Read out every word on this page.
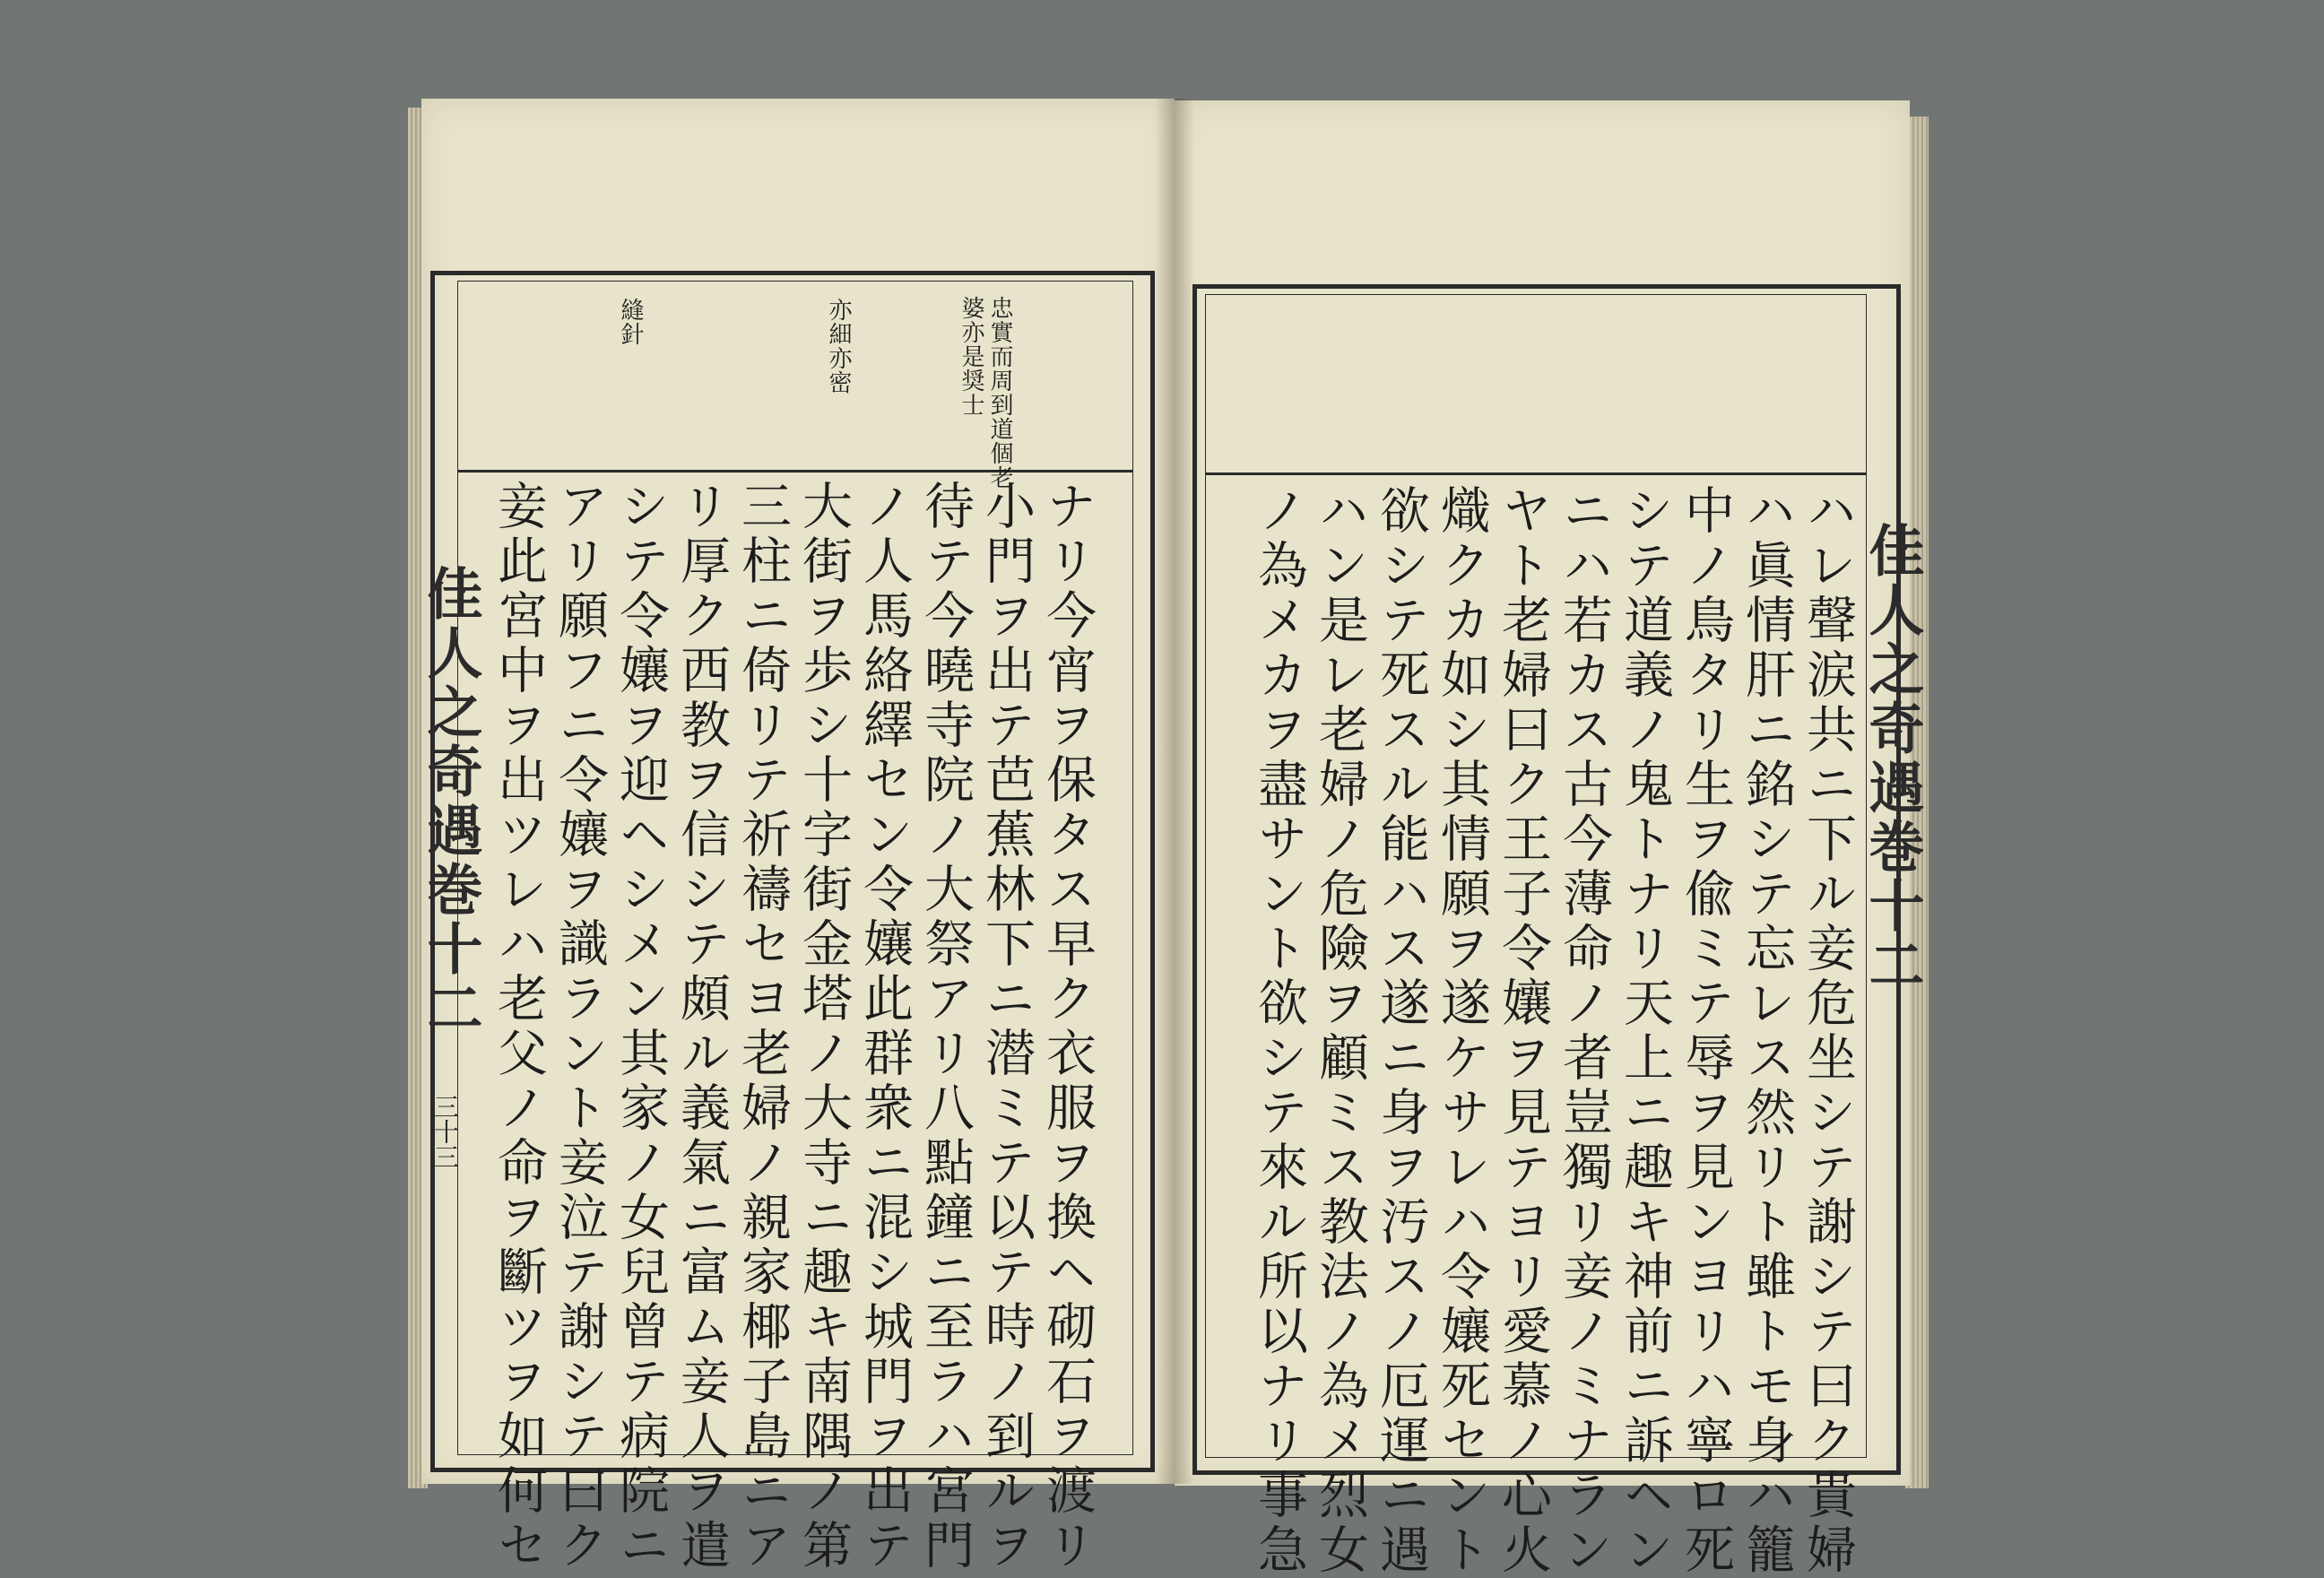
忠實而周到道個老
婆亦是奨士
亦細亦密
縫針
ナリ今宵ヲ保タス早ク衣服ヲ換ヘ砌石ヲ渡リ
小門ヲ出テ芭蕉林下ニ潜ミテ以テ時ノ到ルヲ
待テ今曉寺院ノ大祭アリ八點鐘ニ至ラハ宮門
ノ人馬絡繹セン令孃此群衆ニ混シ城門ヲ出テ
大街ヲ歩シ十字街金塔ノ大寺ニ趣キ南隅ノ第
三柱ニ倚リテ祈禱セヨ老婦ノ親家椰子島ニア
リ厚ク西教ヲ信シテ頗ル義氣ニ富ム妾人ヲ遣
シテ令孃ヲ迎ヘシメン其家ノ女兒曾テ病院ニ
アリ願フニ令孃ヲ識ラント妾泣テ謝シテ曰ク
妾此宮中ヲ出ツレハ老父ノ命ヲ斷ツヲ如何セ
佳人之奇遇巻十二
三十三	ハレ聲涙共ニ下ル妾危坐シテ謝シテ曰ク貴婦
ハ眞情肝ニ銘シテ忘レス然リト雖トモ身ハ籠
中ノ鳥タリ生ヲ偸ミテ辱ヲ見ンヨリハ寧ロ死
シテ道義ノ鬼トナリ天上ニ趣キ神前ニ訴ヘン
ニハ若カス古今薄命ノ者豈獨リ妾ノミナラン
ヤト老婦曰ク王子令孃ヲ見テヨリ愛慕ノ心火
熾クカ如シ其情願ヲ遂ケサレハ令孃死セント
欲シテ死スル能ハス遂ニ身ヲ汚スノ厄運ニ遇
ハン是レ老婦ノ危險ヲ顧ミス教法ノ為メ烈女
ノ為メカヲ盡サント欲シテ來ル所以ナリ事急	佳人之奇遇巻十二
